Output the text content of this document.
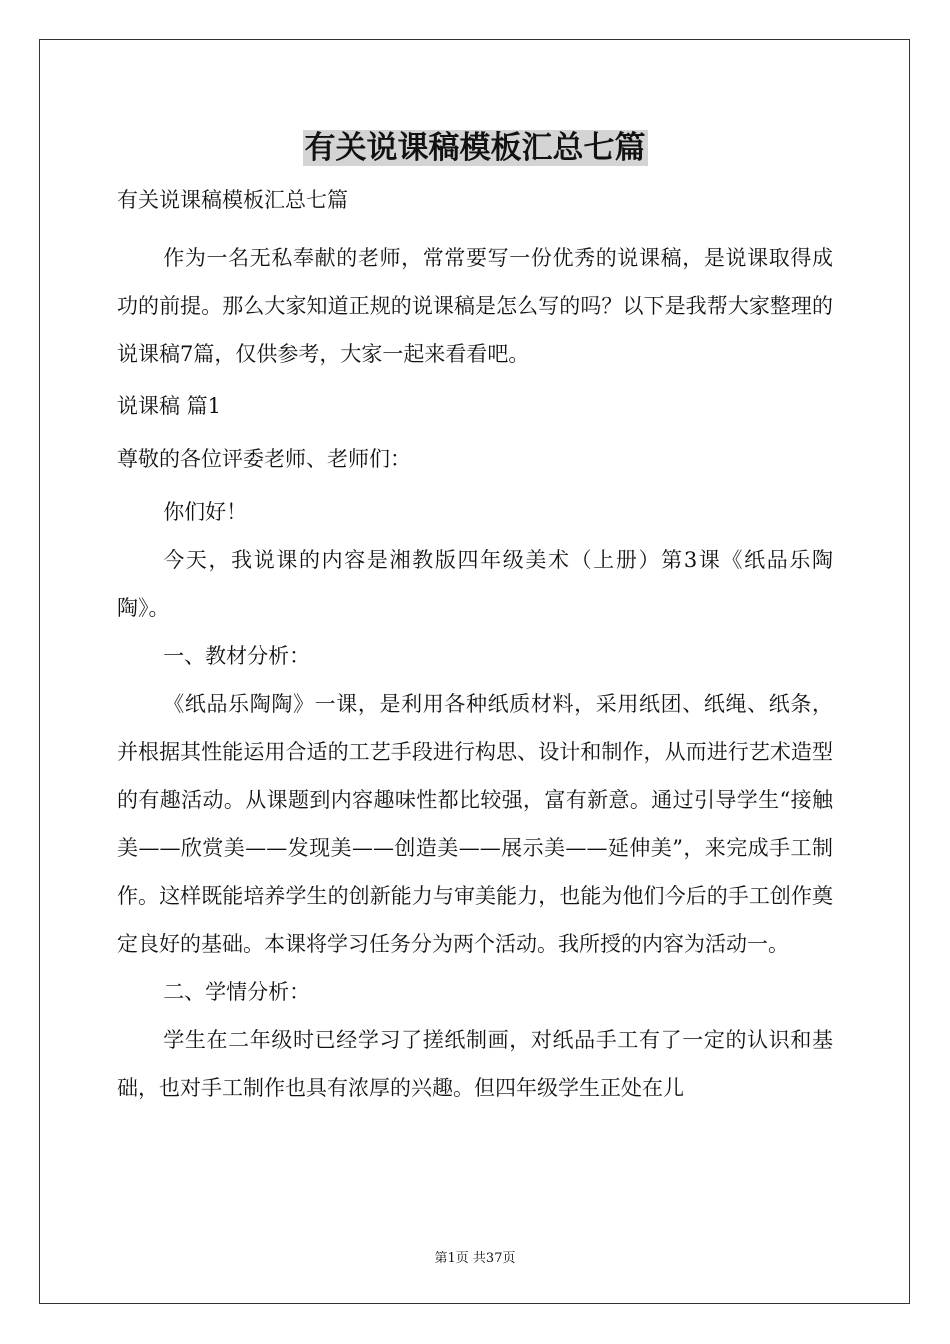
有关说课稿模板汇总七篇
有关说课稿模板汇总七篇

作为一名无私奉献的老师，常常要写一份优秀的说课稿，是说课取得成功的前提。那么大家知道正规的说课稿是怎么写的吗？以下是我帮大家整理的说课稿7篇，仅供参考，大家一起来看看吧。

说课稿 篇1

尊敬的各位评委老师、老师们：

你们好！

今天，我说课的内容是湘教版四年级美术（上册）第3课《纸品乐陶陶》。

一、教材分析：

《纸品乐陶陶》一课，是利用各种纸质材料，采用纸团、纸绳、纸条，并根据其性能运用合适的工艺手段进行构思、设计和制作，从而进行艺术造型的有趣活动。从课题到内容趣味性都比较强，富有新意。通过引导学生“接触美——欣赏美——发现美——创造美——展示美——延伸美”，来完成手工制作。这样既能培养学生的创新能力与审美能力，也能为他们今后的手工创作奠定良好的基础。本课将学习任务分为两个活动。我所授的内容为活动一。

二、学情分析：

学生在二年级时已经学习了搓纸制画，对纸品手工有了一定的认识和基础，也对手工制作也具有浓厚的兴趣。但四年级学生正处在儿

第1页 共37页
